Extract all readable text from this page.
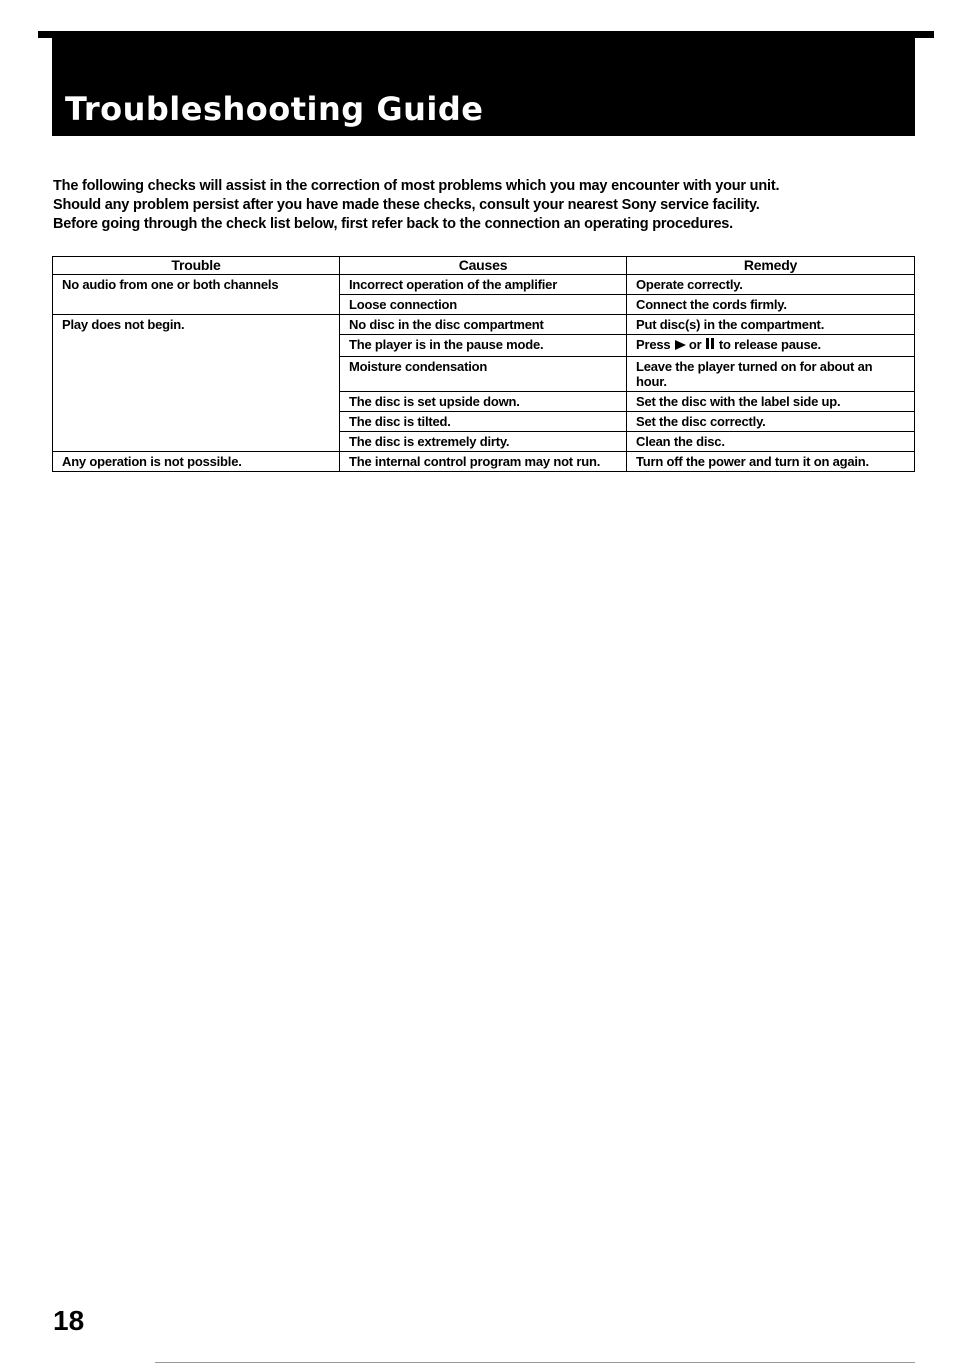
Troubleshooting Guide

The following checks will assist in the correction of most problems which you may encounter with your unit.

Should any problem persist after you have made these checks, consult your nearest Sony service facility.

Before going through the check list below, first refer back to the connection an operating procedures.

Trouble	Causes	Remedy
No audio from one or both channels	Incorrect operation of the amplifier	Operate correctly.
	Loose connection	Connect the cords firmly.
Play does not begin.	No disc in the disc compartment	Put disc(s) in the compartment.
	The player is in the pause mode.	Press or to release pause.
	Moisture condensation	Leave the player turned on for about an hour.
	The disc is set upside down.	Set the disc with the label side up.
	The disc is tilted.	Set the disc correctly.
	The disc is extremely dirty.	Clean the disc.
Any operation is not possible.	The internal control program may not run.	Turn off the power and turn it on again.

18
